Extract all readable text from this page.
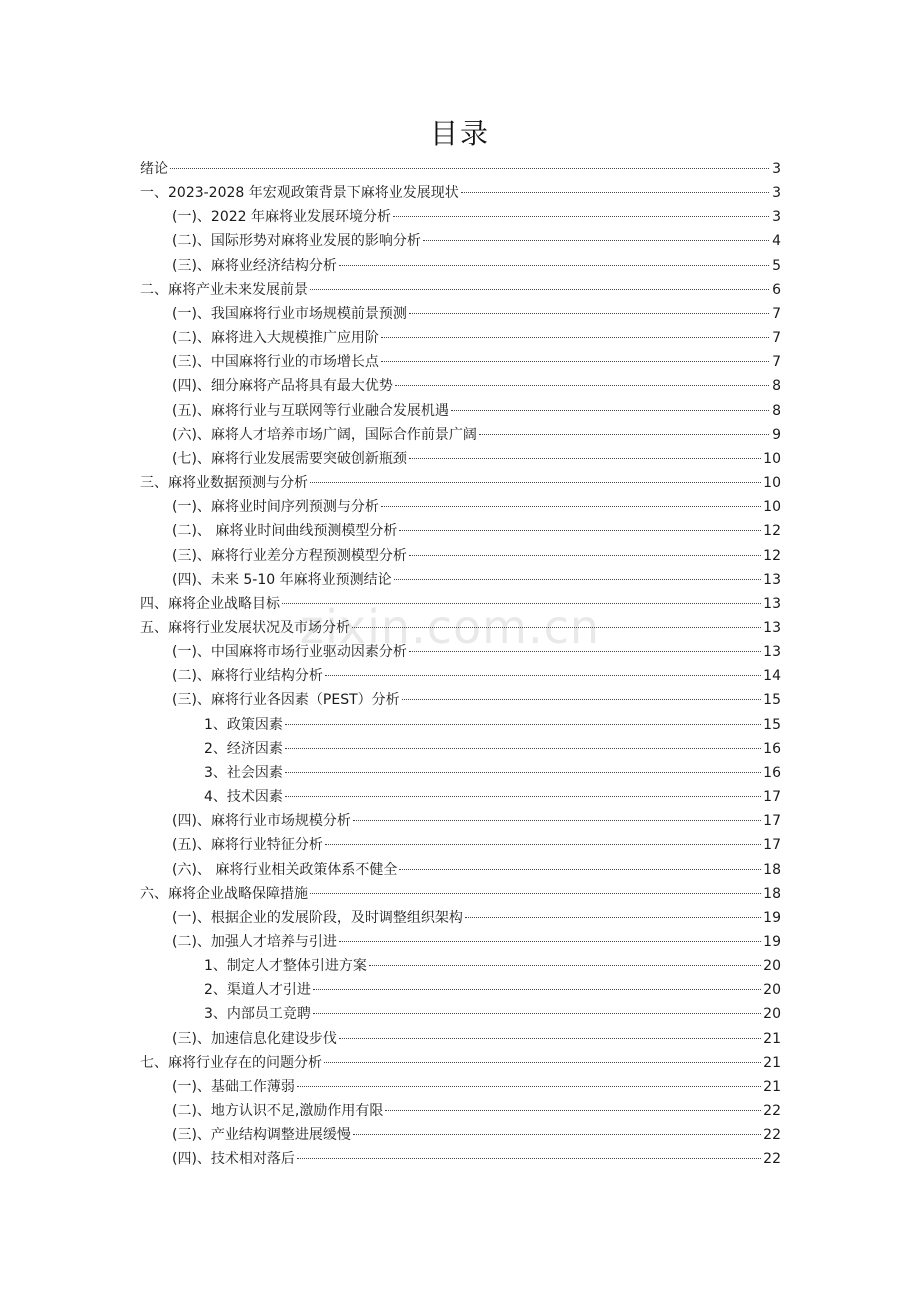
目录
zixin.com.cn
绪论	3
一、2023-2028 年宏观政策背景下麻将业发展现状	3
(一)、2022 年麻将业发展环境分析	3
(二)、国际形势对麻将业发展的影响分析	4
(三)、麻将业经济结构分析	5
二、麻将产业未来发展前景	6
(一)、我国麻将行业市场规模前景预测	7
(二)、麻将进入大规模推广应用阶	7
(三)、中国麻将行业的市场增长点	7
(四)、细分麻将产品将具有最大优势	8
(五)、麻将行业与互联网等行业融合发展机遇	8
(六)、麻将人才培养市场广阔，国际合作前景广阔	9
(七)、麻将行业发展需要突破创新瓶颈	10
三、麻将业数据预测与分析	10
(一)、麻将业时间序列预测与分析	10
(二)、 麻将业时间曲线预测模型分析	12
(三)、麻将行业差分方程预测模型分析	12
(四)、未来 5-10 年麻将业预测结论	13
四、麻将企业战略目标	13
五、麻将行业发展状况及市场分析	13
(一)、中国麻将市场行业驱动因素分析	13
(二)、麻将行业结构分析	14
(三)、麻将行业各因素（PEST）分析	15
1、政策因素	15
2、经济因素	16
3、社会因素	16
4、技术因素	17
(四)、麻将行业市场规模分析	17
(五)、麻将行业特征分析	17
(六)、 麻将行业相关政策体系不健全	18
六、麻将企业战略保障措施	18
(一)、根据企业的发展阶段，及时调整组织架构	19
(二)、加强人才培养与引进	19
1、制定人才整体引进方案	20
2、渠道人才引进	20
3、内部员工竞聘	20
(三)、加速信息化建设步伐	21
七、麻将行业存在的问题分析	21
(一)、基础工作薄弱	21
(二)、地方认识不足,激励作用有限	22
(三)、产业结构调整进展缓慢	22
(四)、技术相对落后	22
